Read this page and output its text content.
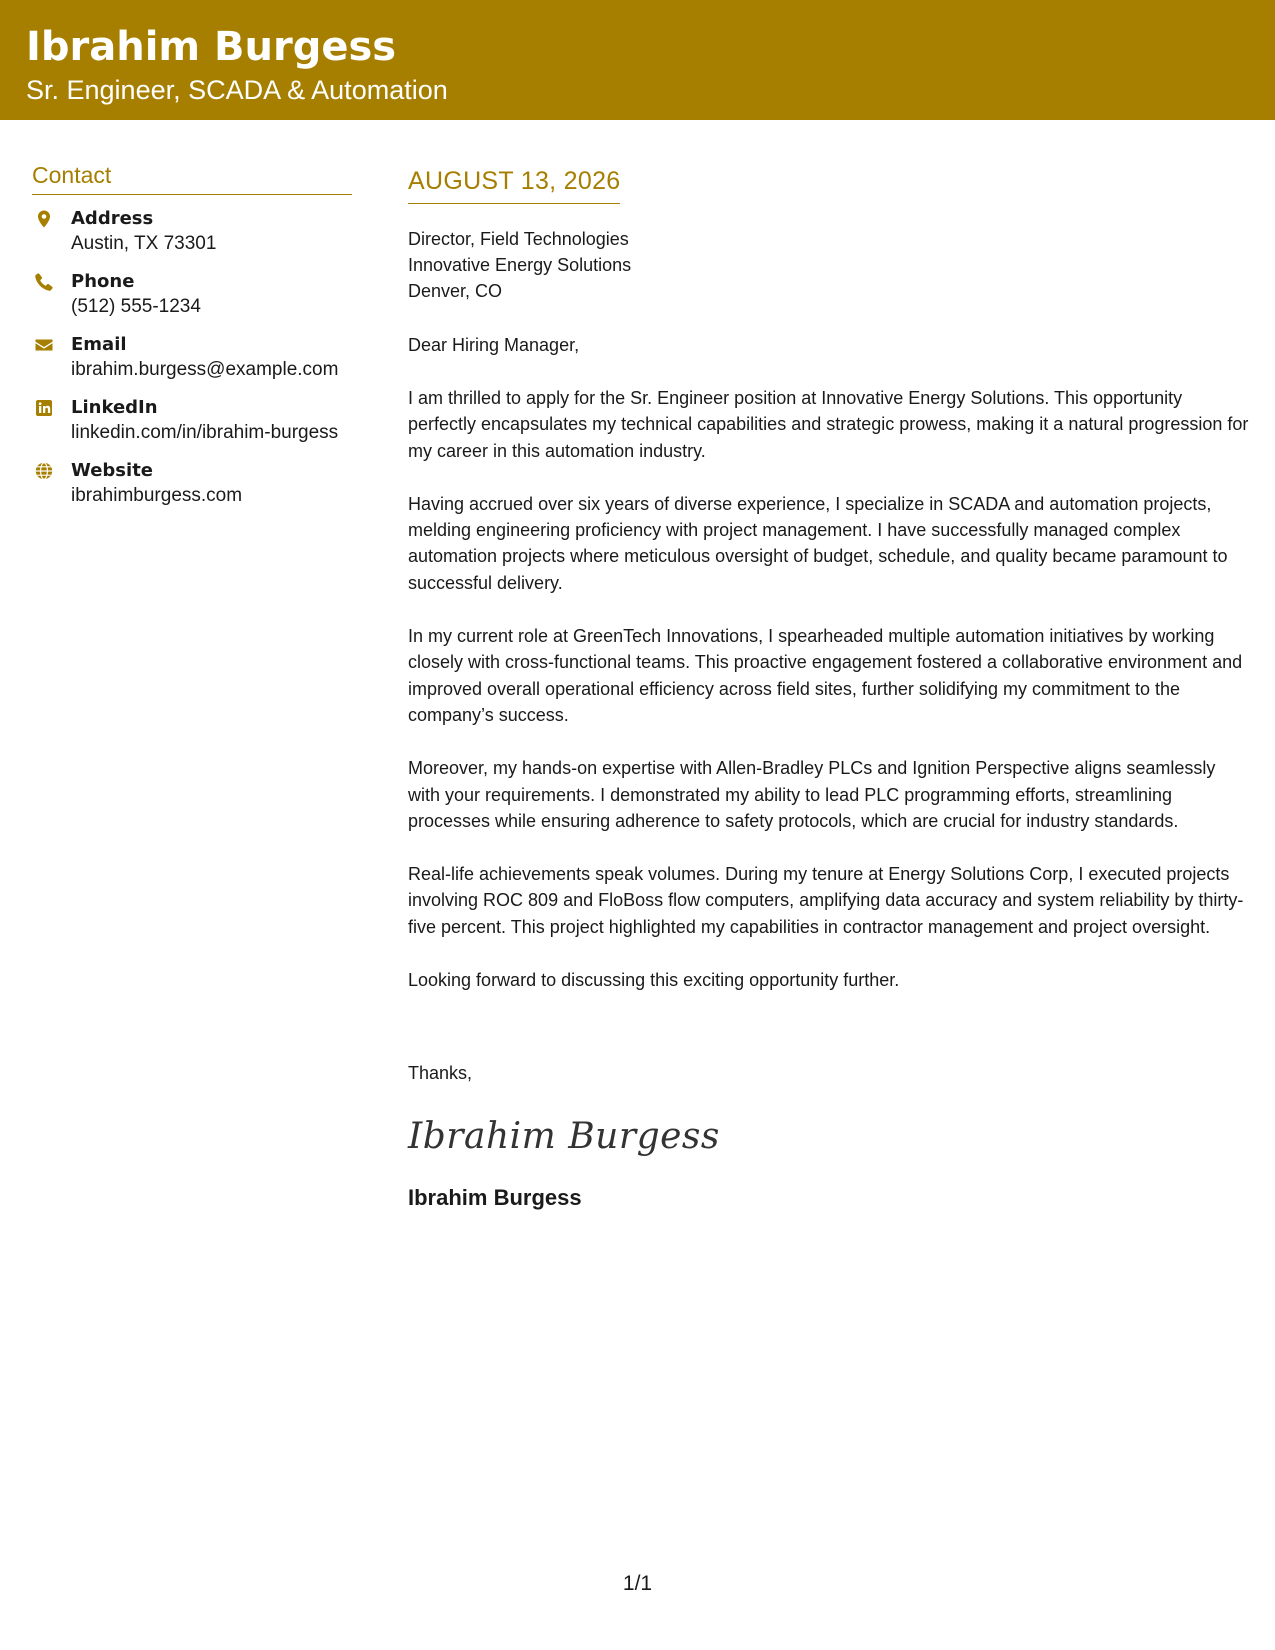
Ibrahim Burgess
Sr. Engineer, SCADA & Automation
Contact
Address
Austin, TX 73301
Phone
(512) 555-1234
Email
ibrahim.burgess@example.com
LinkedIn
linkedin.com/in/ibrahim-burgess
Website
ibrahimburgess.com
AUGUST 13, 2026
Director, Field Technologies
Innovative Energy Solutions
Denver, CO
Dear Hiring Manager,

I am thrilled to apply for the Sr. Engineer position at Innovative Energy Solutions. This opportunity perfectly encapsulates my technical capabilities and strategic prowess, making it a natural progression for my career in this automation industry.

Having accrued over six years of diverse experience, I specialize in SCADA and automation projects, melding engineering proficiency with project management. I have successfully managed complex automation projects where meticulous oversight of budget, schedule, and quality became paramount to successful delivery.

In my current role at GreenTech Innovations, I spearheaded multiple automation initiatives by working closely with cross-functional teams. This proactive engagement fostered a collaborative environment and improved overall operational efficiency across field sites, further solidifying my commitment to the company’s success.

Moreover, my hands-on expertise with Allen-Bradley PLCs and Ignition Perspective aligns seamlessly with your requirements. I demonstrated my ability to lead PLC programming efforts, streamlining processes while ensuring adherence to safety protocols, which are crucial for industry standards.

Real-life achievements speak volumes. During my tenure at Energy Solutions Corp, I executed projects involving ROC 809 and FloBoss flow computers, amplifying data accuracy and system reliability by thirty-five percent. This project highlighted my capabilities in contractor management and project oversight.

Looking forward to discussing this exciting opportunity further.

Thanks,
Ibrahim Burgess
Ibrahim Burgess
1/1
